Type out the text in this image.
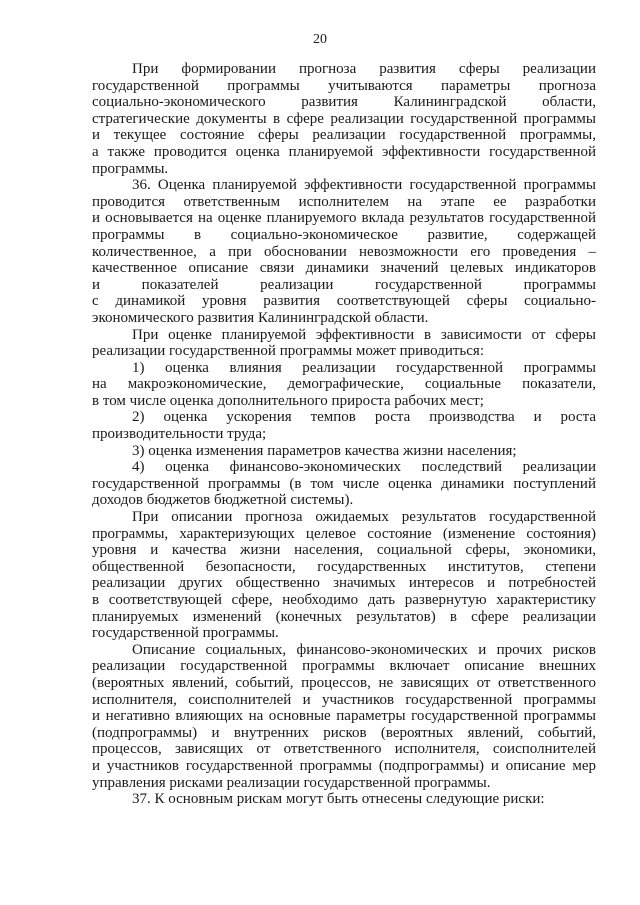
20
При формировании прогноза развития сферы реализации
государственной программы учитываются параметры прогноза
социально-экономического развития Калининградской области,
стратегические документы в сфере реализации государственной программы
и текущее состояние сферы реализации государственной программы,
а также проводится оценка планируемой эффективности государственной
программы.
36. Оценка планируемой эффективности государственной программы
проводится ответственным исполнителем на этапе ее разработки
и основывается на оценке планируемого вклада результатов государственной
программы в социально-экономическое развитие, содержащей
количественное, а при обосновании невозможности его проведения –
качественное описание связи динамики значений целевых индикаторов
и показателей реализации государственной программы
с динамикой уровня развития соответствующей сферы социально-
экономического развития Калининградской области.
При оценке планируемой эффективности в зависимости от сферы
реализации государственной программы может приводиться:
1) оценка влияния реализации государственной программы
на макроэкономические, демографические, социальные показатели,
в том числе оценка дополнительного прироста рабочих мест;
2) оценка ускорения темпов роста производства и роста
производительности труда;
3) оценка изменения параметров качества жизни населения;
4) оценка финансово-экономических последствий реализации
государственной программы (в том числе оценка динамики поступлений
доходов бюджетов бюджетной системы).
При описании прогноза ожидаемых результатов государственной
программы, характеризующих целевое состояние (изменение состояния)
уровня и качества жизни населения, социальной сферы, экономики,
общественной безопасности, государственных институтов, степени
реализации других общественно значимых интересов и потребностей
в соответствующей сфере, необходимо дать развернутую характеристику
планируемых изменений (конечных результатов) в сфере реализации
государственной программы.
Описание социальных, финансово-экономических и прочих рисков
реализации государственной программы включает описание внешних
(вероятных явлений, событий, процессов, не зависящих от ответственного
исполнителя, соисполнителей и участников государственной программы
и негативно влияющих на основные параметры государственной программы
(подпрограммы) и внутренних рисков (вероятных явлений, событий,
процессов, зависящих от ответственного исполнителя, соисполнителей
и участников государственной программы (подпрограммы) и описание мер
управления рисками реализации государственной программы.
37. К основным рискам могут быть отнесены следующие риски:
